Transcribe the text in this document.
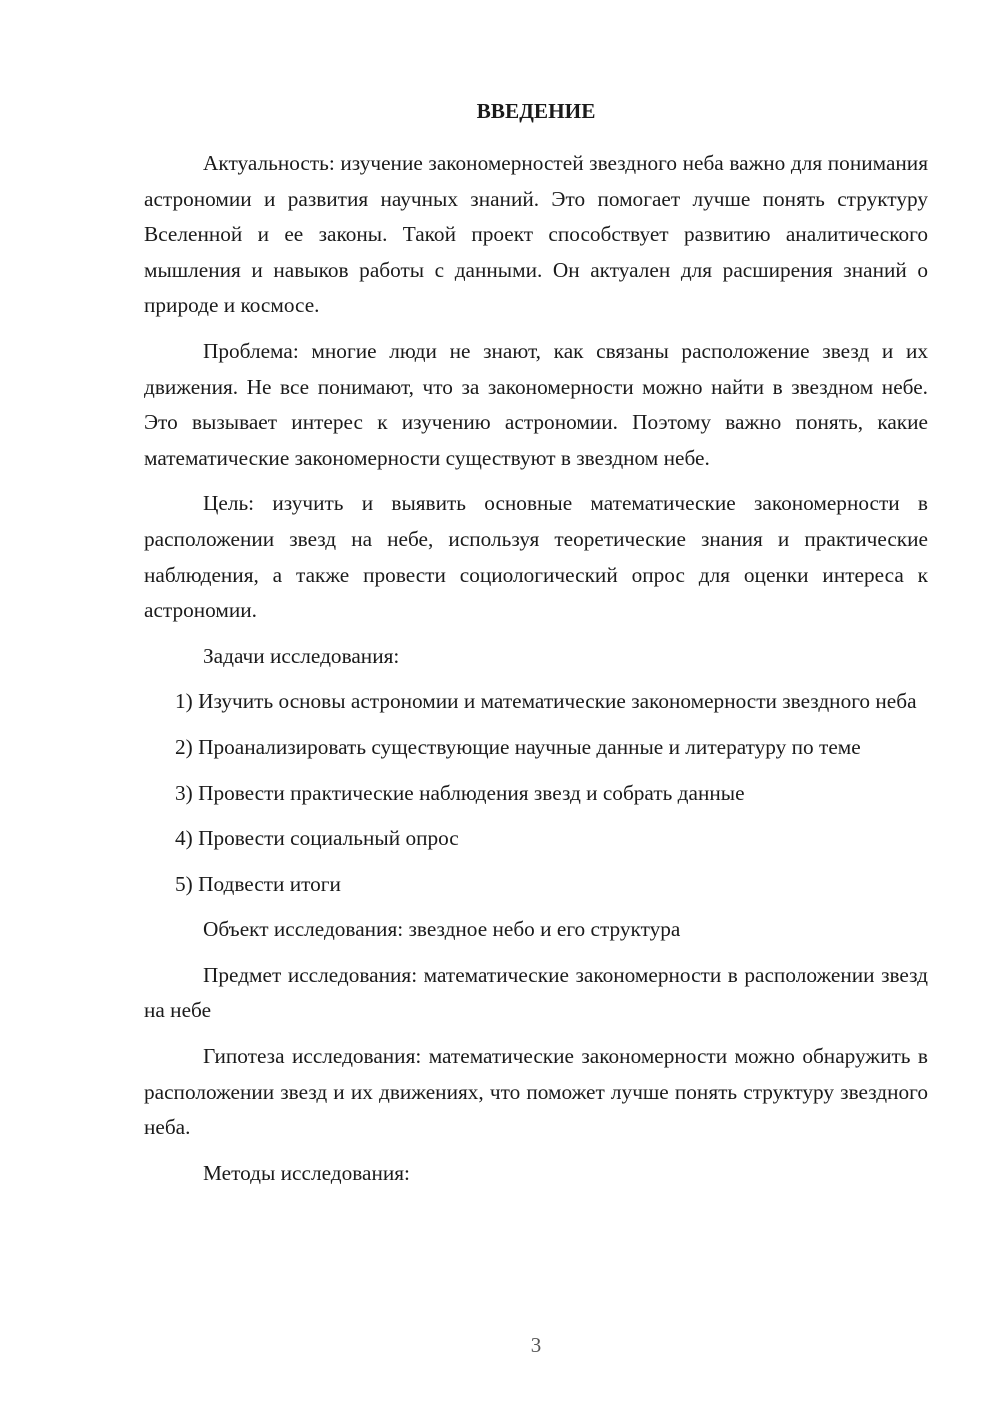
ВВЕДЕНИЕ

Актуальность: изучение закономерностей звездного неба важно для понимания астрономии и развития научных знаний. Это помогает лучше понять структуру Вселенной и ее законы. Такой проект способствует развитию аналитического мышления и навыков работы с данными. Он актуален для расширения знаний о природе и космосе.

Проблема: многие люди не знают, как связаны расположение звезд и их движения. Не все понимают, что за закономерности можно найти в звездном небе. Это вызывает интерес к изучению астрономии. Поэтому важно понять, какие математические закономерности существуют в звездном небе.

Цель: изучить и выявить основные математические закономерности в расположении звезд на небе, используя теоретические знания и практические наблюдения, а также провести социологический опрос для оценки интереса к астрономии.

Задачи исследования:

1) Изучить основы астрономии и математические закономерности звездного неба

2) Проанализировать существующие научные данные и литературу по теме

3) Провести практические наблюдения звезд и собрать данные

4) Провести социальный опрос

5) Подвести итоги

Объект исследования: звездное небо и его структура

Предмет исследования: математические закономерности в расположении звезд на небе

Гипотеза исследования: математические закономерности можно обнаружить в расположении звезд и их движениях, что поможет лучше понять структуру звездного неба.

Методы исследования:

3
